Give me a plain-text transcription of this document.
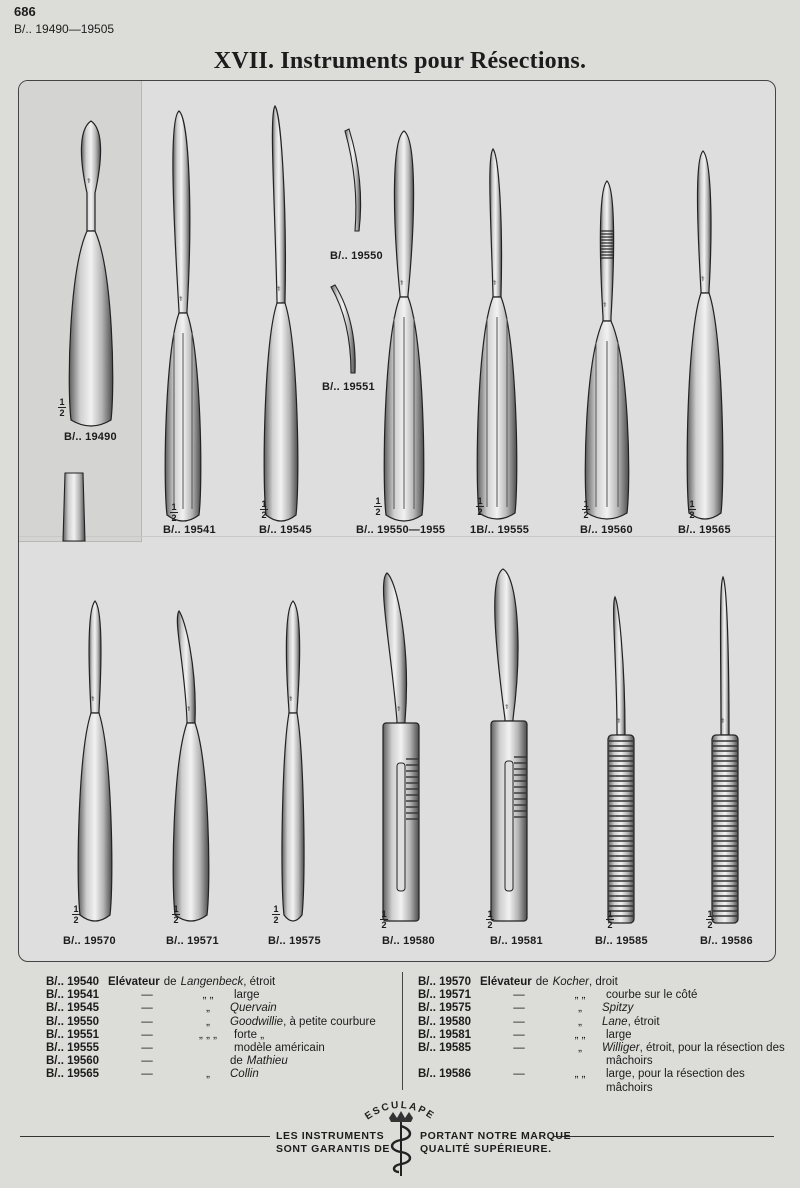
686
B/.. 19490—19505
XVII. Instruments pour Résections.
⚕
⚕
⚕
⚕	⚕
⚕
⚕
⚕
⚕
⚕
⚕	⚕
⚕	⚕
B/.. 19490
B/.. 19541	B/.. 19545
B/.. 19550
B/.. 19551
B/.. 19550—1955 1B/.. 19555	B/.. 19560	B/.. 19565
B/.. 19570	B/.. 19571	B/.. 19575	B/.. 19580	B/.. 19581	B/.. 19585	B/.. 19586
1
2
1
2
1
2
1
2
1
2
1
2
1
2
1
2
1
2
1
2
1
2
1
2
1
2
1
2
B/.. 19540 Elévateur de Langenbeck , étroit
B/.. 19541	—	„ „	large
B/.. 19545	—	„	Quervain
B/.. 19550	—	„	Goodwillie , à petite courbure
B/.. 19551	—	„ „ „	forte „
B/.. 19555	—	modèle américain
B/.. 19560	—	de Mathieu
B/.. 19565	—	„	Collin
B/.. 19570 Elévateur de Kocher , droit
B/.. 19571	—	„ „	courbe sur le côté
B/.. 19575	—	„	Spitzy
B/.. 19580	—	„	Lane , étroit
B/.. 19581	—	„ „	large
B/.. 19585	—	„	Williger , étroit, pour la résection des
mâchoirs
B/.. 19586	—	„ „	large, pour la résection des
mâchoirs
LES INSTRUMENTS
SONT GARANTIS DE
PORTANT NOTRE MARQUE
QUALITÉ SUPÉRIEURE.
ESCULAPE
